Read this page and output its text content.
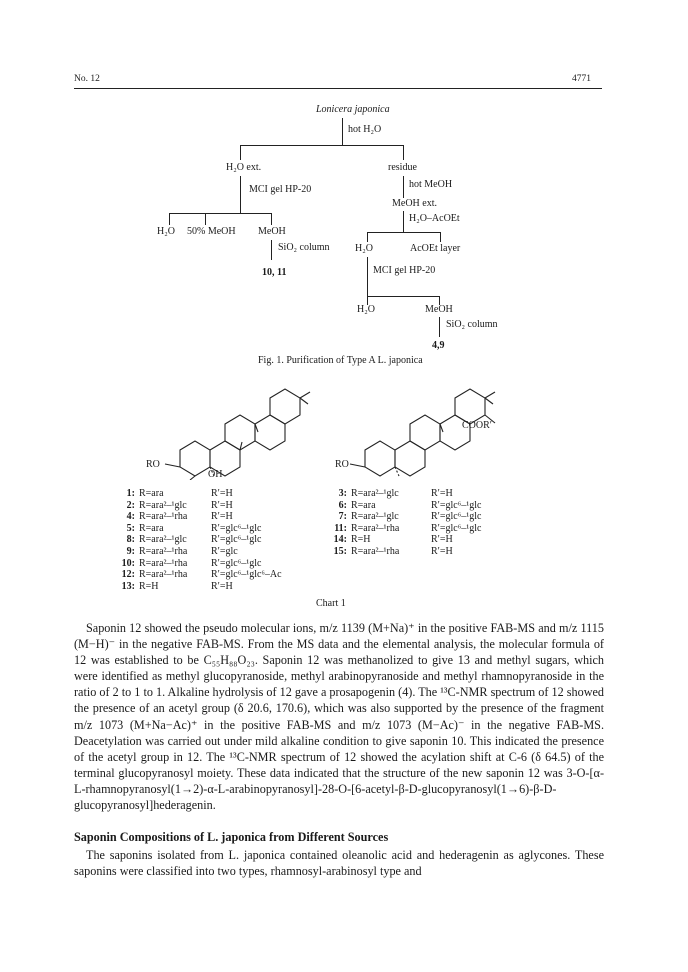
No. 12	4771
Lonicera japonica
hot H₂O
H₂O ext.	residue
MCI gel HP-20
H₂O 50% MeOH MeOH
SiO₂ column
10, 11
hot MeOH
MeOH ext.
H₂O–AcOEt
H₂O	AcOEt layer
MCI gel HP-20
H₂O	MeOH
SiO₂ column
4,9
Fig. 1. Purification of Type A L. japonica
RO
OH
RO
COOR′
1: R=ara	R′=H
2: R=ara²–¹glc	R′=H
4: R=ara²–¹rha	R′=H
5: R=ara	R′=glc⁶–¹glc
8: R=ara²–¹glc	R′=glc⁶–¹glc
9: R=ara²–¹rha	R′=glc
10: R=ara²–¹rha	R′=glc⁶–¹glc
12: R=ara²–¹rha	R′=glc⁶–¹glc⁶–Ac
13: R=H	R′=H
3: R=ara²–¹glc	R′=H
6: R=ara	R′=glc⁶–¹glc
7: R=ara²–¹glc	R′=glc⁶–¹glc
11: R=ara²–¹rha	R′=glc⁶–¹glc
14: R=H	R′=H
15: R=ara²–¹rha	R′=H
Chart 1

Saponin 12 showed the pseudo molecular ions, m/z 1139 (M+Na)⁺ in the positive FAB-MS and m/z 1115 (M−H)⁻ in the negative FAB-MS. From the MS data and the elemental analysis, the molecular formula of 12 was established to be C₅₅H₈₈O₂₃. Saponin 12 was methanolized to give 13 and methyl sugars, which were identified as methyl glucopyranoside, methyl arabinopyranoside and methyl rhamnopyranoside in the ratio of 2 to 1 to 1. Alkaline hydrolysis of 12 gave a prosapogenin (4). The ¹³C-NMR spectrum of 12 showed the presence of an acetyl group (δ 20.6, 170.6), which was also supported by the presence of the fragment m/z 1073 (M+Na−Ac)⁺ in the positive FAB-MS and m/z 1073 (M−Ac)⁻ in the negative FAB-MS. Deacetylation was carried out under mild alkaline condition to give saponin 10. This indicated the presence of the acetyl group in 12. The ¹³C-NMR spectrum of 12 showed the acylation shift at C-6 (δ 64.5) of the terminal glucopyranosyl moiety. These data indicated that the structure of the new saponin 12 was 3-O-[α-L-rhamnopyranosyl(1→2)-α-L-arabinopyranosyl]-28-O-[6-acetyl-β-D-glucopyranosyl(1→6)-β-D-glucopyranosyl]hederagenin.

Saponin Compositions of L. japonica from Different Sources

The saponins isolated from L. japonica contained oleanolic acid and hederagenin as aglycones. These saponins were classified into two types, rhamnosyl-arabinosyl type and
